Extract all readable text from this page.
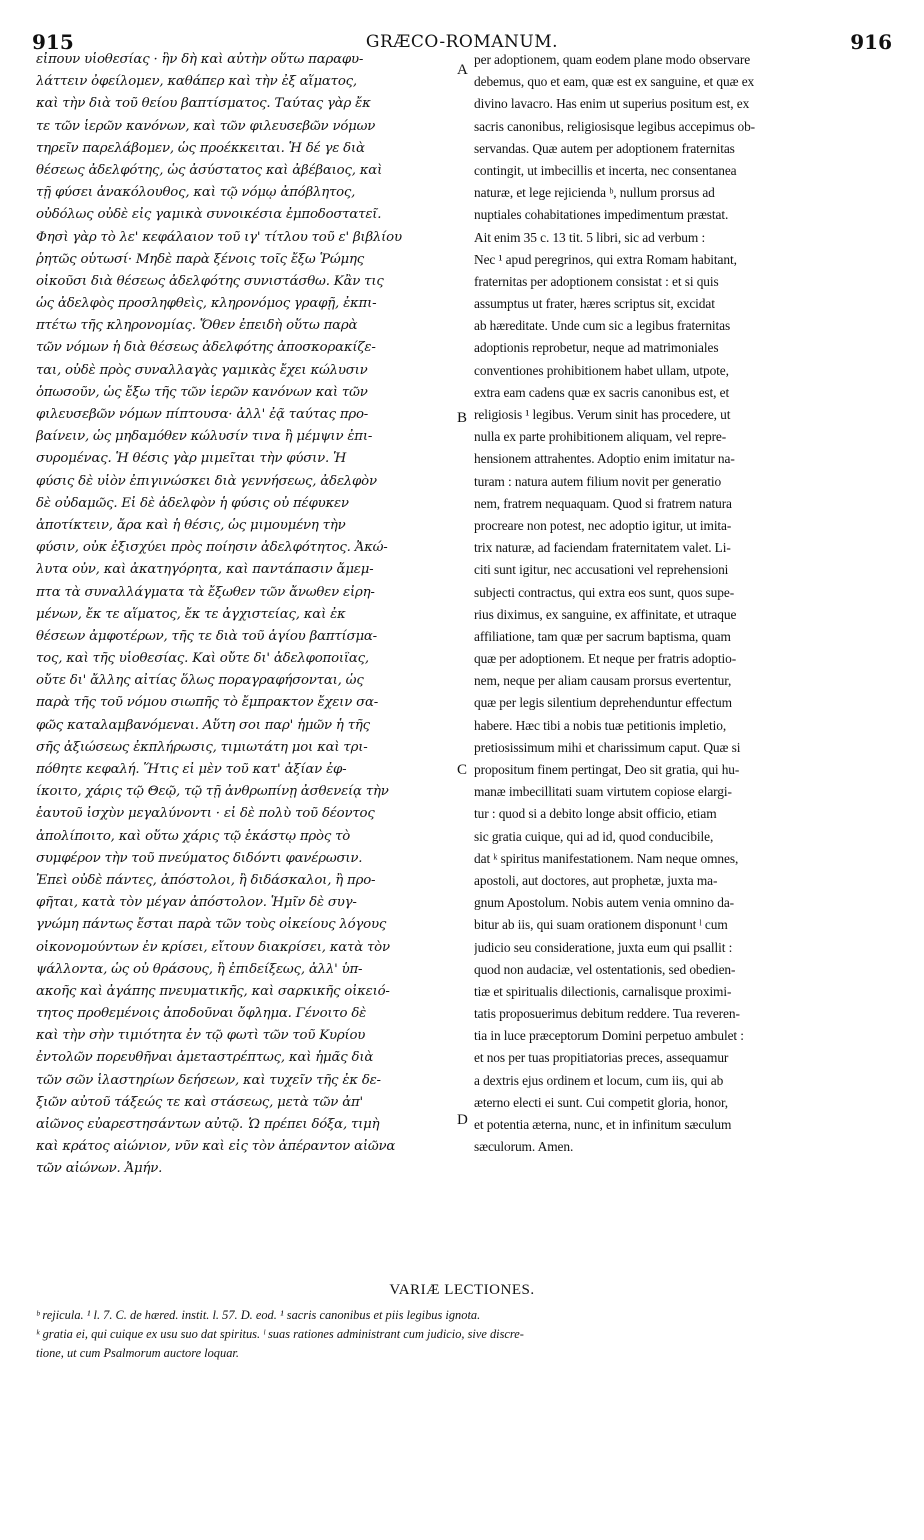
915	GRÆCO-ROMANUM.	916
εἶπουν υἱοθεσίας · ἣν δὴ καὶ αὐτὴν οὕτω παραφυ-
λάττειν ὀφείλομεν, καθάπερ καὶ τὴν ἐξ αἵματος,
καὶ τὴν διὰ τοῦ θείου βαπτίσματος. Ταύτας γὰρ ἔκ
τε τῶν ἱερῶν κανόνων, καὶ τῶν φιλευσεβῶν νόμων
τηρεῖν παρελάβομεν, ὡς προέκκειται. Ἡ δέ γε διὰ
θέσεως ἀδελφότης, ὡς ἀσύστατος καὶ ἀβέβαιος, καὶ
τῇ φύσει ἀνακόλουθος, καὶ τῷ νόμῳ ἀπόβλητος,
οὐδόλως οὐδὲ εἰς γαμικὰ συνοικέσια ἐμποδοστατεῖ.
Φησὶ γὰρ τὸ λε' κεφάλαιον τοῦ ιγ' τίτλου τοῦ ε' βιβλίου
ῥητῶς οὑτωσί· Μηδὲ παρὰ ξένοις τοῖς ἔξω Ῥώμης
οἰκοῦσι διὰ θέσεως ἀδελφότης συνιστάσθω. Κἂν τις
ὡς ἀδελφὸς προσληφθεὶς, κληρονόμος γραφῇ, ἐκπι-
πτέτω τῆς κληρονομίας. Ὅθεν ἐπειδὴ οὕτω παρὰ
τῶν νόμων ἡ διὰ θέσεως ἀδελφότης ἀποσκορακίζε-
ται, οὐδὲ πρὸς συναλλαγὰς γαμικὰς ἔχει κώλυσιν
ὁπωσοῦν, ὡς ἔξω τῆς τῶν ἱερῶν κανόνων καὶ τῶν
φιλευσεβῶν νόμων πίπτουσα· ἀλλ' ἐᾷ ταύτας προ-
βαίνειν, ὡς μηδαμόθεν κώλυσίν τινα ἢ μέμψιν ἐπι-
συρομένας. Ἡ θέσις γὰρ μιμεῖται τὴν φύσιν. Ἡ
φύσις δὲ υἱὸν ἐπιγινώσκει διὰ γεννήσεως, ἀδελφὸν
δὲ οὐδαμῶς. Εἰ δὲ ἀδελφὸν ἡ φύσις οὐ πέφυκεν
ἀποτίκτειν, ἄρα καὶ ἡ θέσις, ὡς μιμουμένη τὴν
φύσιν, οὐκ ἐξισχύει πρὸς ποίησιν ἀδελφότητος. Ἀκώ-
λυτα οὖν, καὶ ἀκατηγόρητα, καὶ παντάπασιν ἄμεμ-
πτα τὰ συναλλάγματα τὰ ἔξωθεν τῶν ἄνωθεν εἰρη-
μένων, ἔκ τε αἵματος, ἔκ τε ἀγχιστείας, καὶ ἐκ
θέσεων ἀμφοτέρων, τῆς τε διὰ τοῦ ἁγίου βαπτίσμα-
τος, καὶ τῆς υἱοθεσίας. Καὶ οὔτε δι' ἀδελφοποιΐας,
οὔτε δι' ἄλλης αἰτίας ὅλως ποραγραφήσονται, ὡς
παρὰ τῆς τοῦ νόμου σιωπῆς τὸ ἔμπρακτον ἔχειν σα-
φῶς καταλαμβανόμεναι. Αὕτη σοι παρ' ἡμῶν ἡ τῆς
σῆς ἀξιώσεως ἐκπλήρωσις, τιμιωτάτη μοι καὶ τρι-
πόθητε κεφαλή. Ἥτις εἰ μὲν τοῦ κατ' ἀξίαν ἐφ-
ίκοιτο, χάρις τῷ Θεῷ, τῷ τῇ ἀνθρωπίνῃ ἀσθενείᾳ τὴν
ἑαυτοῦ ἰσχὺν μεγαλύνοντι · εἰ δὲ πολὺ τοῦ δέοντος
ἀπολίποιτο, καὶ οὕτω χάρις τῷ ἑκάστῳ πρὸς τὸ
συμφέρον τὴν τοῦ πνεύματος διδόντι φανέρωσιν.
Ἐπεὶ οὐδὲ πάντες, ἀπόστολοι, ἢ διδάσκαλοι, ἢ προ-
φῆται, κατὰ τὸν μέγαν ἀπόστολον. Ἡμῖν δὲ συγ-
γνώμη πάντως ἔσται παρὰ τῶν τοὺς οἰκείους λόγους
οἰκονομούντων ἐν κρίσει, εἴτουν διακρίσει, κατὰ τὸν
ψάλλοντα, ὡς οὐ θράσους, ἢ ἐπιδείξεως, ἀλλ' ὑπ-
ακοῆς καὶ ἀγάπης πνευματικῆς, καὶ σαρκικῆς οἰκειό-
τητος προθεμένοις ἀποδοῦναι ὄφλημα. Γένοιτο δὲ
καὶ τὴν σὴν τιμιότητα ἐν τῷ φωτὶ τῶν τοῦ Κυρίου
ἐντολῶν πορευθῆναι ἀμεταστρέπτως, καὶ ἡμᾶς διὰ
τῶν σῶν ἱλαστηρίων δεήσεων, καὶ τυχεῖν τῆς ἐκ δε-
ξιῶν αὐτοῦ τάξεώς τε καὶ στάσεως, μετὰ τῶν ἀπ'
αἰῶνος εὐαρεστησάντων αὐτῷ. Ὧ πρέπει δόξα, τιμὴ
καὶ κράτος αἰώνιον, νῦν καὶ εἰς τὸν ἀπέραντον αἰῶνα
τῶν αἰώνων. Ἀμήν.
per adoptionem, quam eodem plane modo observare
debemus, quo et eam, quæ est ex sanguine, et quæ ex
divino lavacro. Has enim ut superius positum est, ex
sacris canonibus, religiosisque legibus accepimus ob-
servandas. Quæ autem per adoptionem fraternitas
contingit, ut imbecillis et incerta, nec consentanea
naturæ, et lege rejicienda ᵇ, nullum prorsus ad
nuptiales cohabitationes impedimentum præstat.
Ait enim 35 c. 13 tit. 5 libri, sic ad verbum :
Nec ¹ apud peregrinos, qui extra Romam habitant,
fraternitas per adoptionem consistat : et si quis
assumptus ut frater, hæres scriptus sit, excidat
ab hæreditate. Unde cum sic a legibus fraternitas
adoptionis reprobetur, neque ad matrimoniales
conventiones prohibitionem habet ullam, utpote,
extra eam cadens quæ ex sacris canonibus est, et
religiosis ¹ legibus. Verum sinit has procedere, ut
nulla ex parte prohibitionem aliquam, vel repre-
hensionem attrahentes. Adoptio enim imitatur na-
turam : natura autem filium novit per generatio
nem, fratrem nequaquam. Quod si fratrem natura
procreare non potest, nec adoptio igitur, ut imita-
trix naturæ, ad faciendam fraternitatem valet. Li-
citi sunt igitur, nec accusationi vel reprehensioni
subjecti contractus, qui extra eos sunt, quos supe-
rius diximus, ex sanguine, ex affinitate, et utraque
affiliatione, tam quæ per sacrum baptisma, quam
quæ per adoptionem. Et neque per fratris adoptio-
nem, neque per aliam causam prorsus evertentur,
quæ per legis silentium deprehenduntur effectum
habere. Hæc tibi a nobis tuæ petitionis impletio,
pretiosissimum mihi et charissimum caput. Quæ si
propositum finem pertingat, Deo sit gratia, qui hu-
manæ imbecillitati suam virtutem copiose elargi-
tur : quod si a debito longe absit officio, etiam
sic gratia cuique, qui ad id, quod conducibile,
dat ᵏ spiritus manifestationem. Nam neque omnes,
apostoli, aut doctores, aut prophetæ, juxta ma-
gnum Apostolum. Nobis autem venia omnino da-
bitur ab iis, qui suam orationem disponunt ˡ cum
judicio seu consideratione, juxta eum qui psallit :
quod non audaciæ, vel ostentationis, sed obedien-
tiæ et spiritualis dilectionis, carnalisque proximi-
tatis proposuerimus debitum reddere. Tua reveren-
tia in luce præceptorum Domini perpetuo ambulet :
et nos per tuas propitiatorias preces, assequamur
a dextris ejus ordinem et locum, cum iis, qui ab
æterno electi ei sunt. Cui competit gloria, honor,
et potentia æterna, nunc, et in infinitum sæculum
sæculorum. Amen.
A
B
C
D
VARIÆ LECTIONES.
ᵇ rejicula. ¹ l. 7. C. de hæred. instit. l. 57. D. eod. ¹ sacris canonibus et piis legibus ignota.
ᵏ gratia ei, qui cuique ex usu suo dat spiritus. ˡ suas rationes administrant cum judicio, sive discre-
tione, ut cum Psalmorum auctore loquar.
